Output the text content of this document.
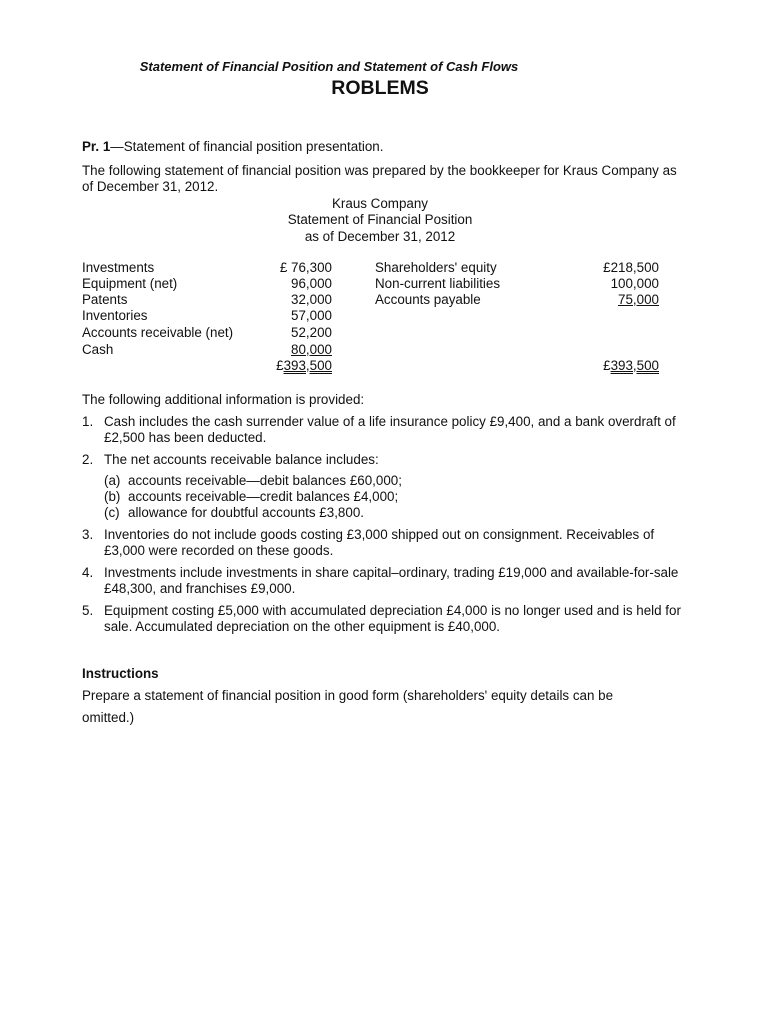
Statement of Financial Position and Statement of Cash Flows
ROBLEMS
Pr. 1—Statement of financial position presentation.
The following statement of financial position was prepared by the bookkeeper for Kraus Company as of December 31, 2012.
Kraus Company
Statement of Financial Position
as of December 31, 2012
Investments	£ 76,300
Equipment (net)	96,000
Patents	32,000
Inventories	57,000
Accounts receivable (net)	52,200
Cash	80,000
£393,500
Shareholders' equity	£218,500
Non-current liabilities	100,000
Accounts payable	75,000
£393,500
The following additional information is provided:
1. Cash includes the cash surrender value of a life insurance policy £9,400, and a bank overdraft of £2,500 has been deducted.
2. The net accounts receivable balance includes:
(a) accounts receivable—debit balances £60,000;
(b) accounts receivable—credit balances £4,000;
(c) allowance for doubtful accounts £3,800.
3. Inventories do not include goods costing £3,000 shipped out on consignment. Receivables of £3,000 were recorded on these goods.
4. Investments include investments in share capital–ordinary, trading £19,000 and available-for-sale £48,300, and franchises £9,000.
5. Equipment costing £5,000 with accumulated depreciation £4,000 is no longer used and is held for sale. Accumulated depreciation on the other equipment is £40,000.
Instructions
Prepare a statement of financial position in good form (shareholders' equity details can be omitted.)
